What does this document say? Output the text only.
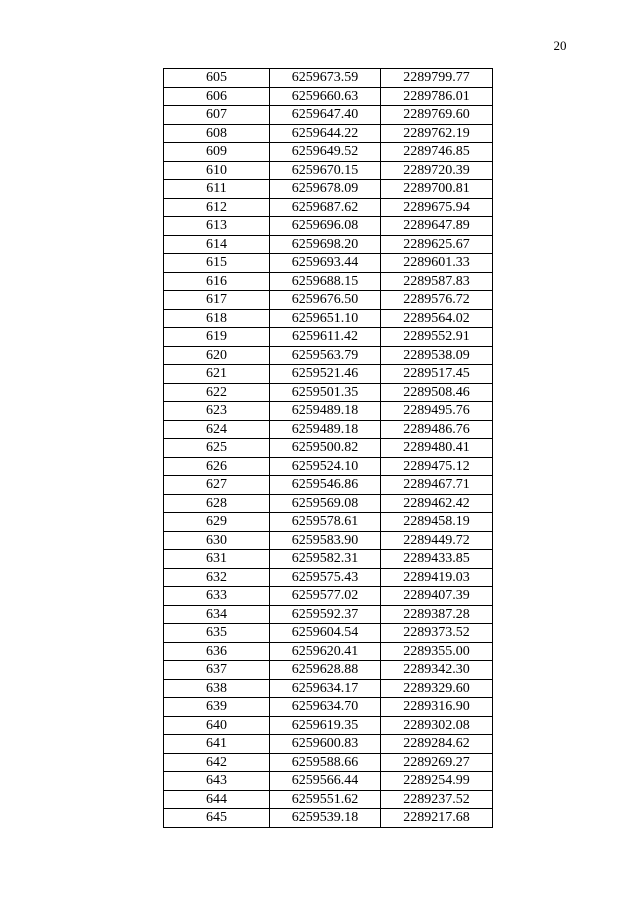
20
605	6259673.59	2289799.77
606	6259660.63	2289786.01
607	6259647.40	2289769.60
608	6259644.22	2289762.19
609	6259649.52	2289746.85
610	6259670.15	2289720.39
611	6259678.09	2289700.81
612	6259687.62	2289675.94
613	6259696.08	2289647.89
614	6259698.20	2289625.67
615	6259693.44	2289601.33
616	6259688.15	2289587.83
617	6259676.50	2289576.72
618	6259651.10	2289564.02
619	6259611.42	2289552.91
620	6259563.79	2289538.09
621	6259521.46	2289517.45
622	6259501.35	2289508.46
623	6259489.18	2289495.76
624	6259489.18	2289486.76
625	6259500.82	2289480.41
626	6259524.10	2289475.12
627	6259546.86	2289467.71
628	6259569.08	2289462.42
629	6259578.61	2289458.19
630	6259583.90	2289449.72
631	6259582.31	2289433.85
632	6259575.43	2289419.03
633	6259577.02	2289407.39
634	6259592.37	2289387.28
635	6259604.54	2289373.52
636	6259620.41	2289355.00
637	6259628.88	2289342.30
638	6259634.17	2289329.60
639	6259634.70	2289316.90
640	6259619.35	2289302.08
641	6259600.83	2289284.62
642	6259588.66	2289269.27
643	6259566.44	2289254.99
644	6259551.62	2289237.52
645	6259539.18	2289217.68
